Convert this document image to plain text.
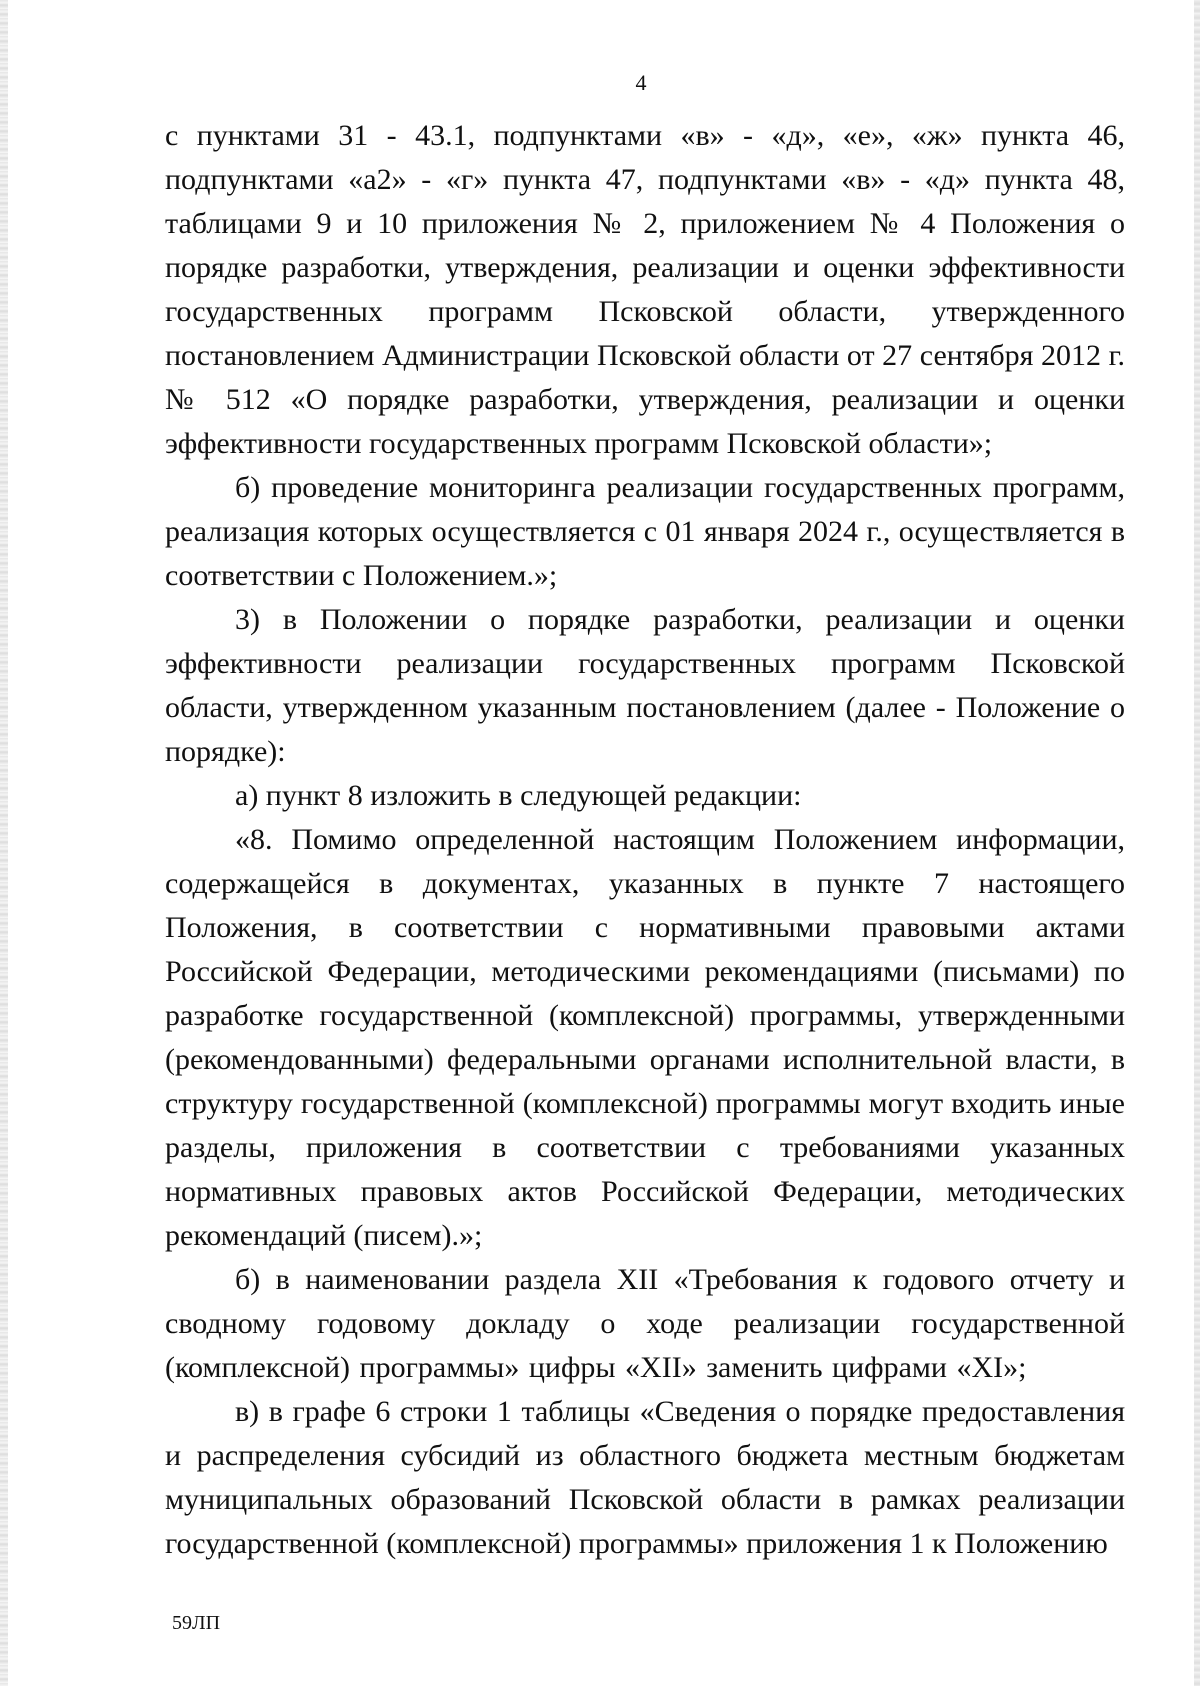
4

с пунктами 31 - 43.1, подпунктами «в» - «д», «е», «ж» пункта 46, подпунктами «а2» - «г» пункта 47, подпунктами «в» - «д» пункта 48, таблицами 9 и 10 приложения № 2, приложением № 4 Положения о порядке разработки, утверждения, реализации и оценки эффективности государственных программ Псковской области, утвержденного постановлением Администрации Псковской области от 27 сентября 2012 г. № 512 «О порядке разработки, утверждения, реализации и оценки эффективности государственных программ Псковской области»;

б) проведение мониторинга реализации государственных программ, реализация которых осуществляется с 01 января 2024 г., осуществляется в соответствии с Положением.»;

3) в Положении о порядке разработки, реализации и оценки эффективности реализации государственных программ Псковской области, утвержденном указанным постановлением (далее - Положение о порядке):

а) пункт 8 изложить в следующей редакции:

«8. Помимо определенной настоящим Положением информации, содержащейся в документах, указанных в пункте 7 настоящего Положения, в соответствии с нормативными правовыми актами Российской Федерации, методическими рекомендациями (письмами) по разработке государственной (комплексной) программы, утвержденными (рекомендованными) федеральными органами исполнительной власти, в структуру государственной (комплексной) программы могут входить иные разделы, приложения в соответствии с требованиями указанных нормативных правовых актов Российской Федерации, методических рекомендаций (писем).»;

б) в наименовании раздела XII «Требования к годового отчету и сводному годовому докладу о ходе реализации государственной (комплексной) программы» цифры «XII» заменить цифрами «XI»;

в) в графе 6 строки 1 таблицы «Сведения о порядке предоставления и распределения субсидий из областного бюджета местным бюджетам муниципальных образований Псковской области в рамках реализации государственной (комплексной) программы» приложения 1 к Положению

59ЛП
